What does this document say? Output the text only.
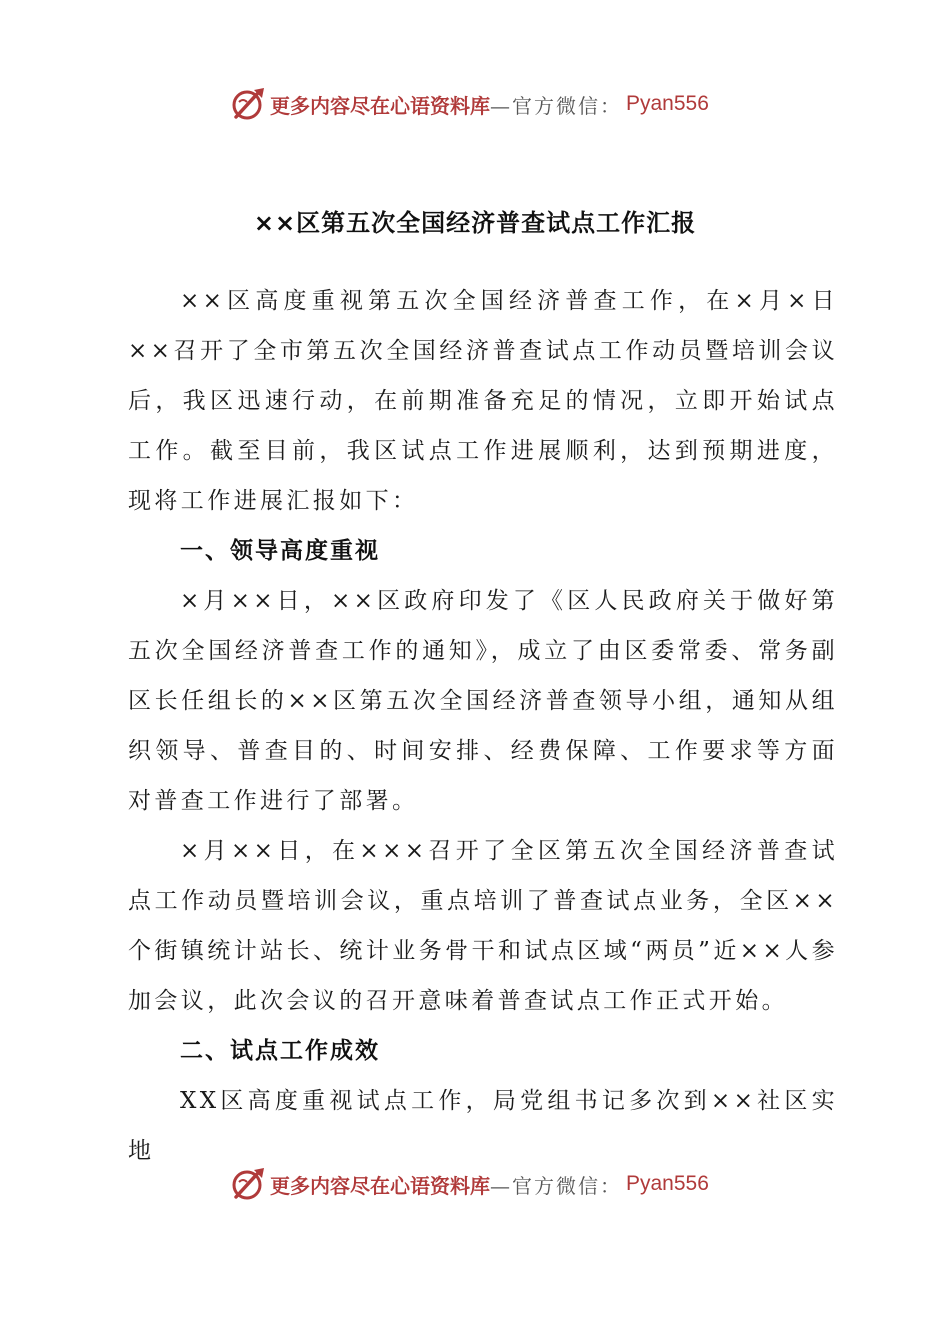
更多内容尽在心语资料库 —官方微信： Pyan556
××区第五次全国经济普查试点工作汇报

××区高度重视第五次全国经济普查工作，在×月×日××召开了全市第五次全国经济普查试点工作动员暨培训会议后，我区迅速行动，在前期准备充足的情况，立即开始试点工作。截至目前，我区试点工作进展顺利，达到预期进度，现将工作进展汇报如下：

一、领导高度重视

×月××日，××区政府印发了《区人民政府关于做好第五次全国经济普查工作的通知》，成立了由区委常委、常务副区长任组长的××区第五次全国经济普查领导小组，通知从组织领导、普查目的、时间安排、经费保障、工作要求等方面对普查工作进行了部署。

×月××日，在×××召开了全区第五次全国经济普查试点工作动员暨培训会议，重点培训了普查试点业务，全区××个街镇统计站长、统计业务骨干和试点区域“两员”近××人参加会议，此次会议的召开意味着普查试点工作正式开始。

二、试点工作成效

XX区高度重视试点工作，局党组书记多次到××社区实地

更多内容尽在心语资料库 —官方微信： Pyan556
